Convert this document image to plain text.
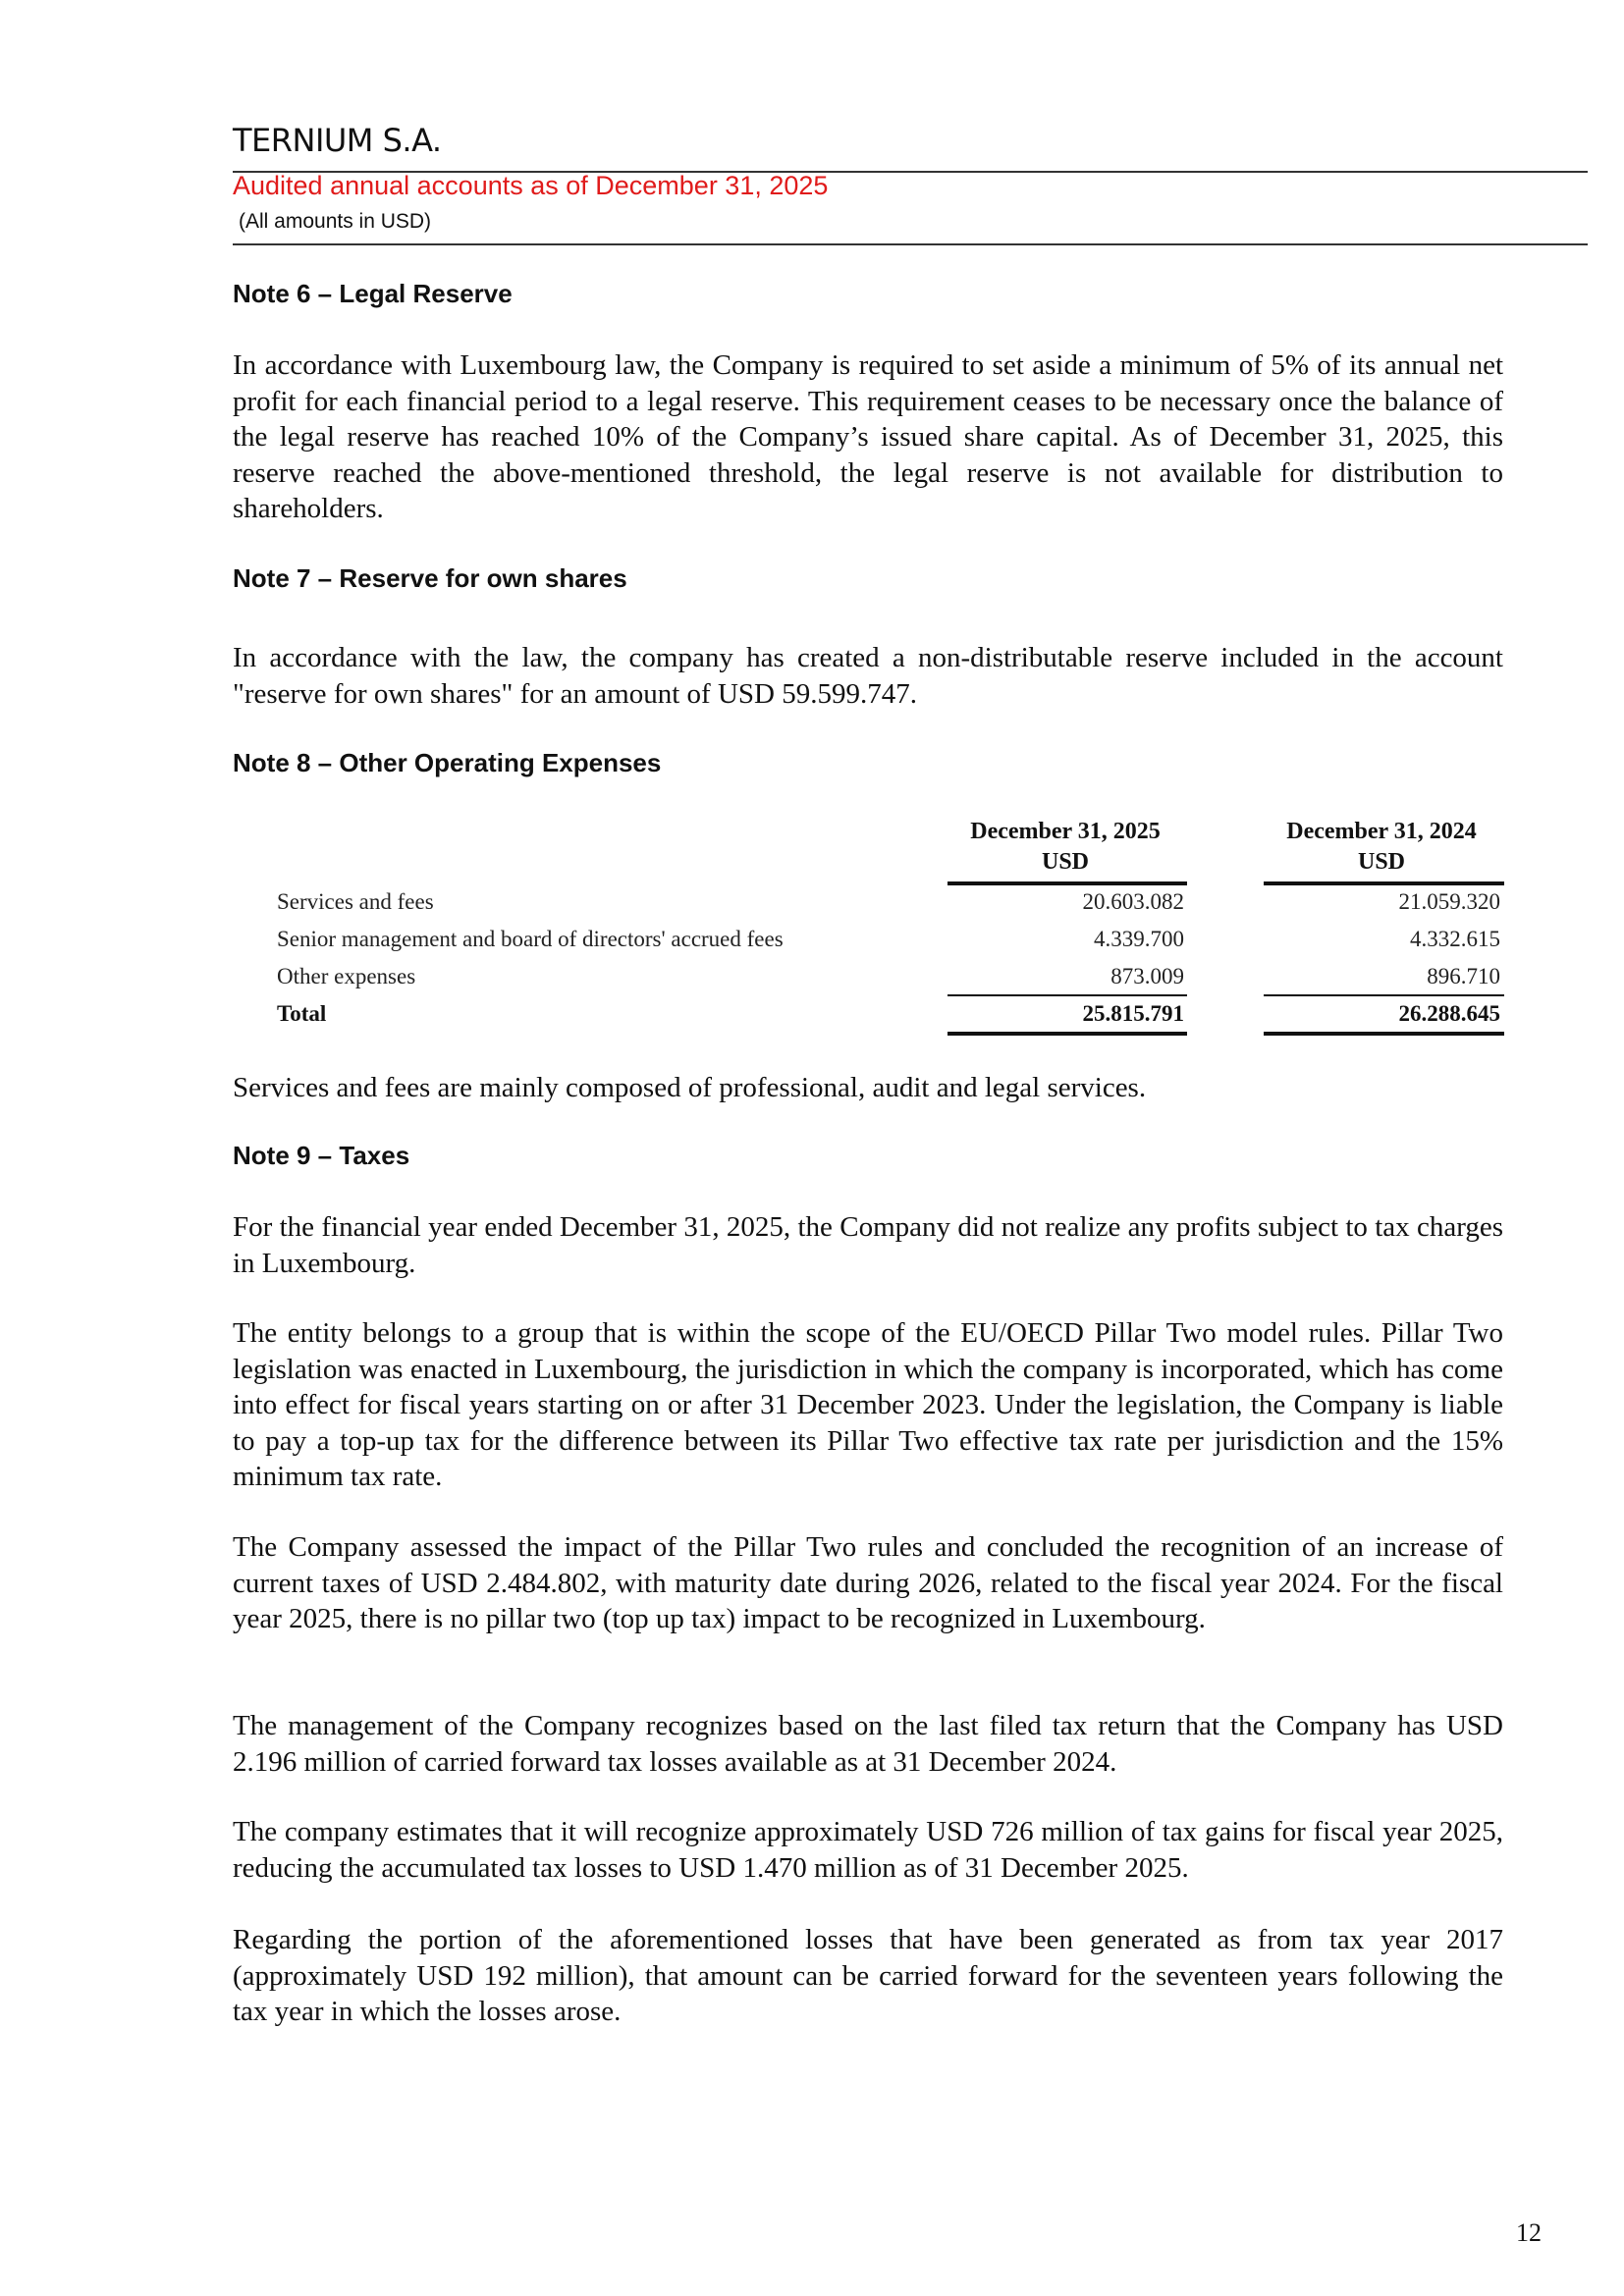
TERNIUM S.A.
Audited annual accounts as of December 31, 2025
(All amounts in USD)
Note 6 – Legal Reserve

In accordance with Luxembourg law, the Company is required to set aside a minimum of 5% of its annual net profit for each financial period to a legal reserve. This requirement ceases to be necessary once the balance of the legal reserve has reached 10% of the Company’s issued share capital. As of December 31, 2025, this reserve reached the above-mentioned threshold, the legal reserve is not available for distribution to shareholders.

Note 7 – Reserve for own shares

In accordance with the law, the company has created a non-distributable reserve included in the account "reserve for own shares" for an amount of USD 59.599.747.

Note 8 – Other Operating Expenses
December 31, 2025
USD
December 31, 2024
USD
Services and fees	20.603.082	21.059.320
Senior management and board of directors' accrued fees	4.339.700	4.332.615
Other expenses	873.009	896.710
Total	25.815.791	26.288.645

Services and fees are mainly composed of professional, audit and legal services.

Note 9 – Taxes

For the financial year ended December 31, 2025, the Company did not realize any profits subject to tax charges in Luxembourg.

The entity belongs to a group that is within the scope of the EU/OECD Pillar Two model rules. Pillar Two legislation was enacted in Luxembourg, the jurisdiction in which the company is incorporated, which has come into effect for fiscal years starting on or after 31 December 2023. Under the legislation, the Company is liable to pay a top-up tax for the difference between its Pillar Two effective tax rate per jurisdiction and the 15% minimum tax rate.

The Company assessed the impact of the Pillar Two rules and concluded the recognition of an increase of current taxes of USD 2.484.802, with maturity date during 2026, related to the fiscal year 2024. For the fiscal year 2025, there is no pillar two (top up tax) impact to be recognized in Luxembourg.

The management of the Company recognizes based on the last filed tax return that the Company has USD 2.196 million of carried forward tax losses available as at 31 December 2024.

The company estimates that it will recognize approximately USD 726 million of tax gains for fiscal year 2025, reducing the accumulated tax losses to USD 1.470 million as of 31 December 2025.

Regarding the portion of the aforementioned losses that have been generated as from tax year 2017 (approximately USD 192 million), that amount can be carried forward for the seventeen years following the tax year in which the losses arose.

12
